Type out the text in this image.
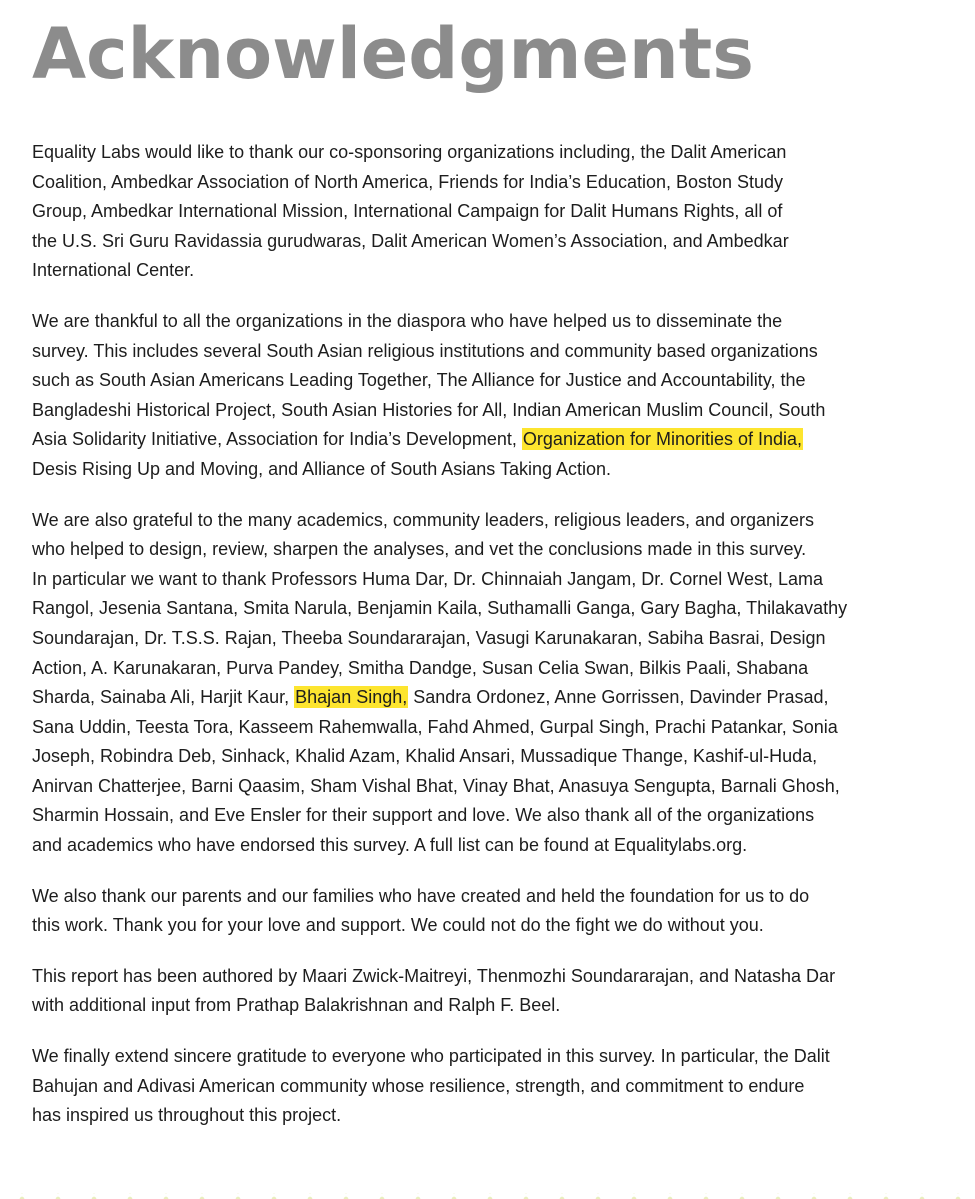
Acknowledgments

Equality Labs would like to thank our co-sponsoring organizations including, the Dalit American
Coalition, Ambedkar Association of North America, Friends for India’s Education, Boston Study
Group, Ambedkar International Mission, International Campaign for Dalit Humans Rights, all of
the U.S. Sri Guru Ravidassia gurudwaras, Dalit American Women’s Association, and Ambedkar
International Center.

We are thankful to all the organizations in the diaspora who have helped us to disseminate the
survey. This includes several South Asian religious institutions and community based organizations
such as South Asian Americans Leading Together, The Alliance for Justice and Accountability, the
Bangladeshi Historical Project, South Asian Histories for All, Indian American Muslim Council, South
Asia Solidarity Initiative, Association for India’s Development, Organization for Minorities of India,
Desis Rising Up and Moving, and Alliance of South Asians Taking Action.

We are also grateful to the many academics, community leaders, religious leaders, and organizers
who helped to design, review, sharpen the analyses, and vet the conclusions made in this survey.
In particular we want to thank Professors Huma Dar, Dr. Chinnaiah Jangam, Dr. Cornel West, Lama
Rangol, Jesenia Santana, Smita Narula, Benjamin Kaila, Suthamalli Ganga, Gary Bagha, Thilakavathy
Soundarajan, Dr. T.S.S. Rajan, Theeba Soundararajan, Vasugi Karunakaran, Sabiha Basrai, Design
Action, A. Karunakaran, Purva Pandey, Smitha Dandge, Susan Celia Swan, Bilkis Paali, Shabana
Sharda, Sainaba Ali, Harjit Kaur, Bhajan Singh, Sandra Ordonez, Anne Gorrissen, Davinder Prasad,
Sana Uddin, Teesta Tora, Kasseem Rahemwalla, Fahd Ahmed, Gurpal Singh, Prachi Patankar, Sonia
Joseph, Robindra Deb, Sinhack, Khalid Azam, Khalid Ansari, Mussadique Thange, Kashif-ul-Huda,
Anirvan Chatterjee, Barni Qaasim, Sham Vishal Bhat, Vinay Bhat, Anasuya Sengupta, Barnali Ghosh,
Sharmin Hossain, and Eve Ensler for their support and love. We also thank all of the organizations
and academics who have endorsed this survey. A full list can be found at Equalitylabs.org.

We also thank our parents and our families who have created and held the foundation for us to do
this work. Thank you for your love and support. We could not do the fight we do without you.

This report has been authored by Maari Zwick-Maitreyi, Thenmozhi Soundararajan, and Natasha Dar
with additional input from Prathap Balakrishnan and Ralph F. Beel.

We finally extend sincere gratitude to everyone who participated in this survey. In particular, the Dalit
Bahujan and Adivasi American community whose resilience, strength, and commitment to endure
has inspired us throughout this project.
